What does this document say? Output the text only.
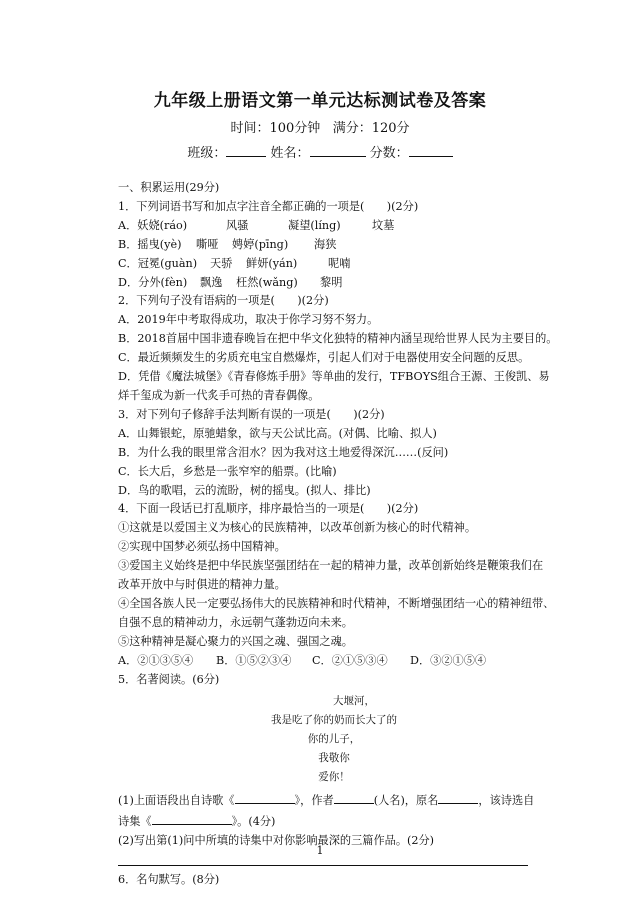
九年级上册语文第一单元达标测试卷及答案
时间：100分钟 满分：120分
班级：	姓名：	分数：
一、积累运用(29分)
1．下列词语书写和加点字注音全都正确的一项是(　　)(2分)
A．妖娆(ráo)	风骚	凝望(líng)	坟墓
B．摇曳(yè) 嘶哑 娉婷(pīng) 海狭
C．冠冕(guàn) 天骄 鲜妍(yán)	呢喃
D．分外(fèn) 飘逸 枉然(wǎng) 黎明
2．下列句子没有语病的一项是(　　)(2分)
A．2019年中考取得成功，取决于你学习努不努力。
B．2018首届中国非遗春晚旨在把中华文化独特的精神内涵呈现给世界人民为主要目的。
C．最近频频发生的劣质充电宝自燃爆炸，引起人们对于电器使用安全问题的反思。
D．凭借《魔法城堡》《青春修炼手册》等单曲的发行，TFBOYS组合王源、王俊凯、易
烊千玺成为新一代炙手可热的青春偶像。
3．对下列句子修辞手法判断有误的一项是(　　)(2分)
A．山舞银蛇，原驰蜡象，欲与天公试比高。(对偶、比喻、拟人)
B．为什么我的眼里常含泪水？因为我对这土地爱得深沉……(反问)
C．长大后，乡愁是一张窄窄的船票。(比喻)
D．鸟的歌唱，云的流盼，树的摇曳。(拟人、排比)
4．下面一段话已打乱顺序，排序最恰当的一项是(　　)(2分)
①这就是以爱国主义为核心的民族精神，以改革创新为核心的时代精神。
②实现中国梦必须弘扬中国精神。
③爱国主义始终是把中华民族坚强团结在一起的精神力量，改革创新始终是鞭策我们在
改革开放中与时俱进的精神力量。
④全国各族人民一定要弘扬伟大的民族精神和时代精神，不断增强团结一心的精神纽带、
自强不息的精神动力，永远朝气蓬勃迈向未来。
⑤这种精神是凝心聚力的兴国之魂、强国之魂。
A．②①③⑤④ B．①⑤②③④ C．②①⑤③④ D．③②①⑤④
5．名著阅读。(6分)
大堰河，
我是吃了你的奶而长大了的
你的儿子，
我敬你
爱你！
(1)上面语段出自诗歌《	》，作者	(人名)，原名	，该诗选自
诗集《	》。(4分)
(2)写出第(1)问中所填的诗集中对你影响最深的三篇作品。(2分)
6．名句默写。(8分)
1
